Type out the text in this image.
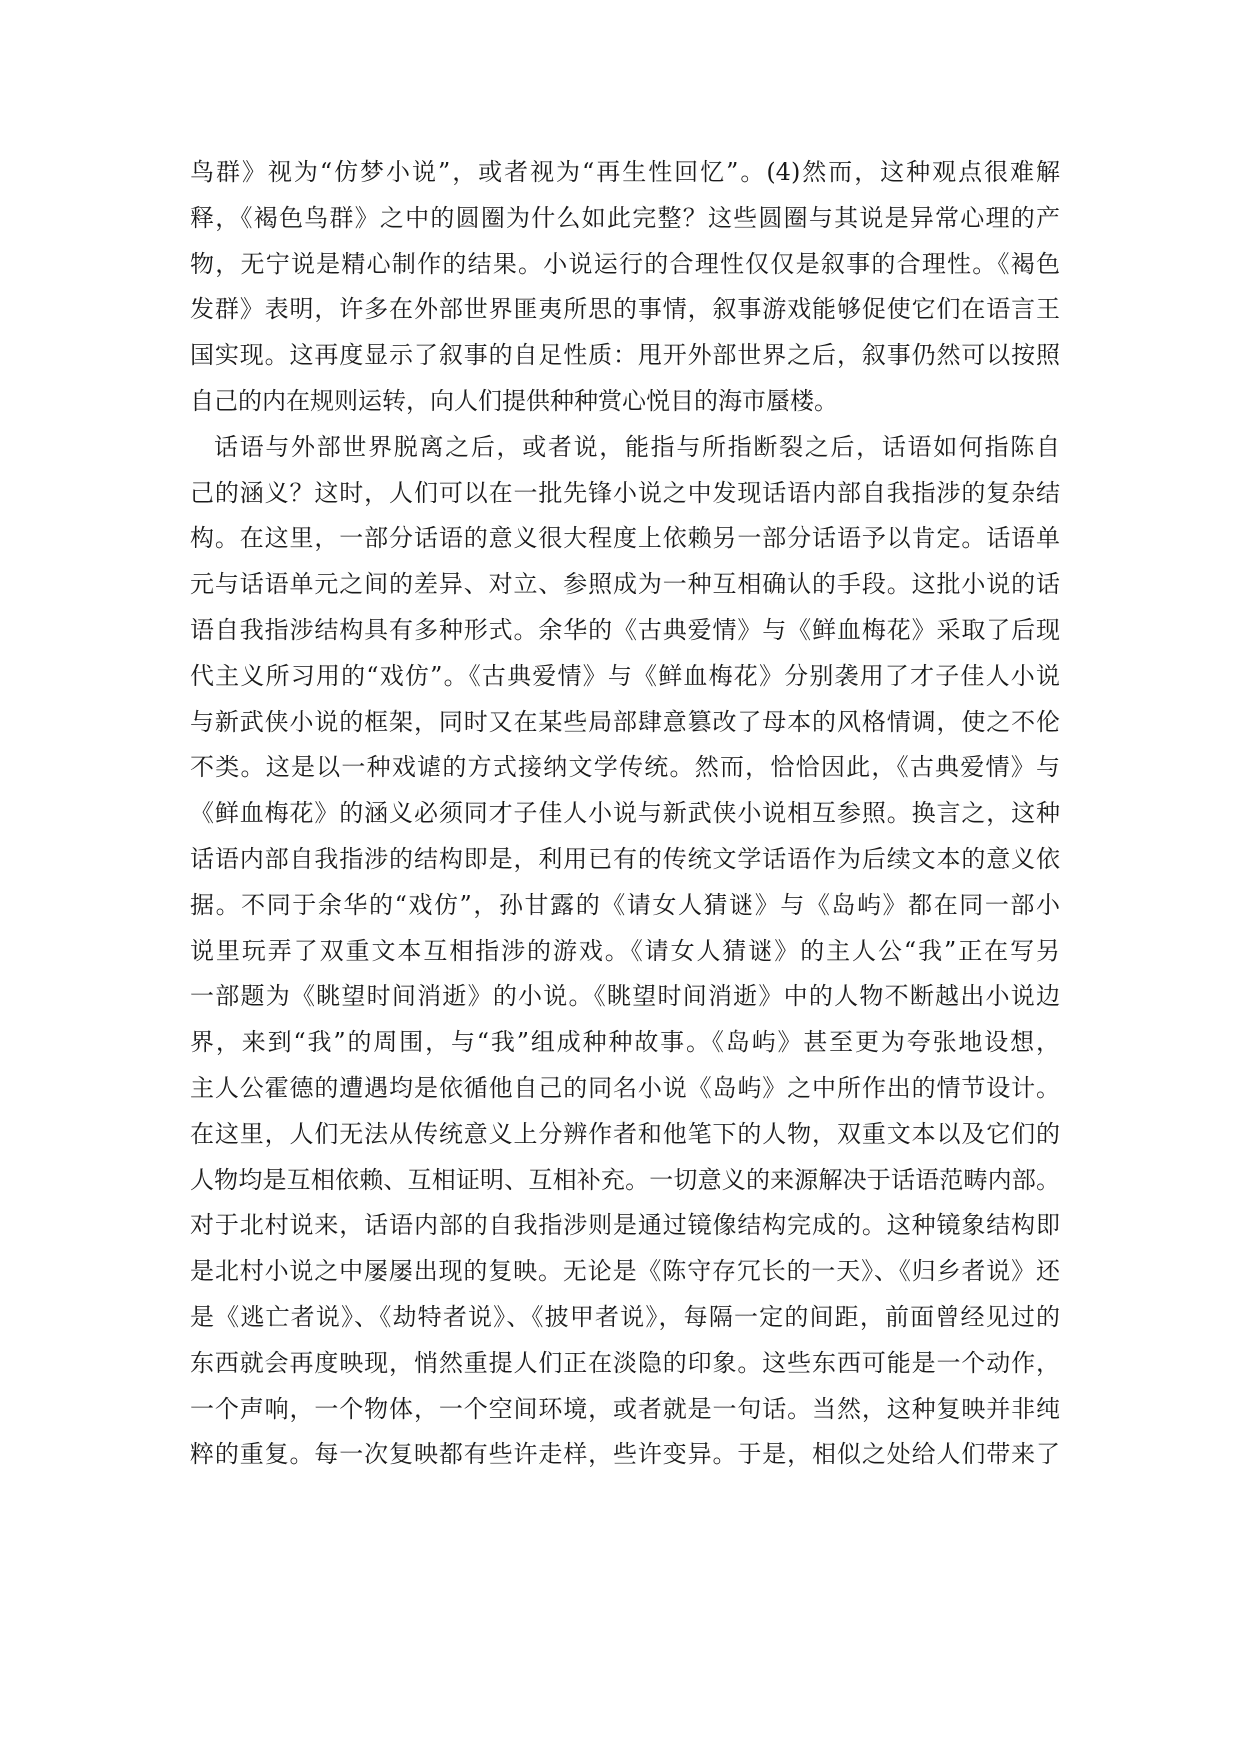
鸟群》视为“仿梦小说”，或者视为“再生性回忆”。(4)然而，这种观点很难解
释，《褐色鸟群》之中的圆圈为什么如此完整？这些圆圈与其说是异常心理的产
物，无宁说是精心制作的结果。小说运行的合理性仅仅是叙事的合理性。《褐色
发群》表明，许多在外部世界匪夷所思的事情，叙事游戏能够促使它们在语言王
国实现。这再度显示了叙事的自足性质：甩开外部世界之后，叙事仍然可以按照
自己的内在规则运转，向人们提供种种赏心悦目的海市蜃楼。
话语与外部世界脱离之后，或者说，能指与所指断裂之后，话语如何指陈自
己的涵义？这时，人们可以在一批先锋小说之中发现话语内部自我指涉的复杂结
构。在这里，一部分话语的意义很大程度上依赖另一部分话语予以肯定。话语单
元与话语单元之间的差异、对立、参照成为一种互相确认的手段。这批小说的话
语自我指涉结构具有多种形式。余华的《古典爱情》与《鲜血梅花》采取了后现
代主义所习用的“戏仿”。《古典爱情》与《鲜血梅花》分别袭用了才子佳人小说
与新武侠小说的框架，同时又在某些局部肆意篡改了母本的风格情调，使之不伦
不类。这是以一种戏谑的方式接纳文学传统。然而，恰恰因此，《古典爱情》与
《鲜血梅花》的涵义必须同才子佳人小说与新武侠小说相互参照。换言之，这种
话语内部自我指涉的结构即是，利用已有的传统文学话语作为后续文本的意义依
据。不同于余华的“戏仿”，孙甘露的《请女人猜谜》与《岛屿》都在同一部小
说里玩弄了双重文本互相指涉的游戏。《请女人猜谜》的主人公“我”正在写另
一部题为《眺望时间消逝》的小说。《眺望时间消逝》中的人物不断越出小说边
界，来到“我”的周围，与“我”组成种种故事。《岛屿》甚至更为夸张地设想，
主人公霍德的遭遇均是依循他自己的同名小说《岛屿》之中所作出的情节设计。
在这里，人们无法从传统意义上分辨作者和他笔下的人物，双重文本以及它们的
人物均是互相依赖、互相证明、互相补充。一切意义的来源解决于话语范畴内部。
对于北村说来，话语内部的自我指涉则是通过镜像结构完成的。这种镜象结构即
是北村小说之中屡屡出现的复映。无论是《陈守存冗长的一天》、《归乡者说》还
是《逃亡者说》、《劫特者说》、《披甲者说》，每隔一定的间距，前面曾经见过的
东西就会再度映现，悄然重提人们正在淡隐的印象。这些东西可能是一个动作，
一个声响，一个物体，一个空间环境，或者就是一句话。当然，这种复映并非纯
粹的重复。每一次复映都有些许走样，些许变异。于是，相似之处给人们带来了
